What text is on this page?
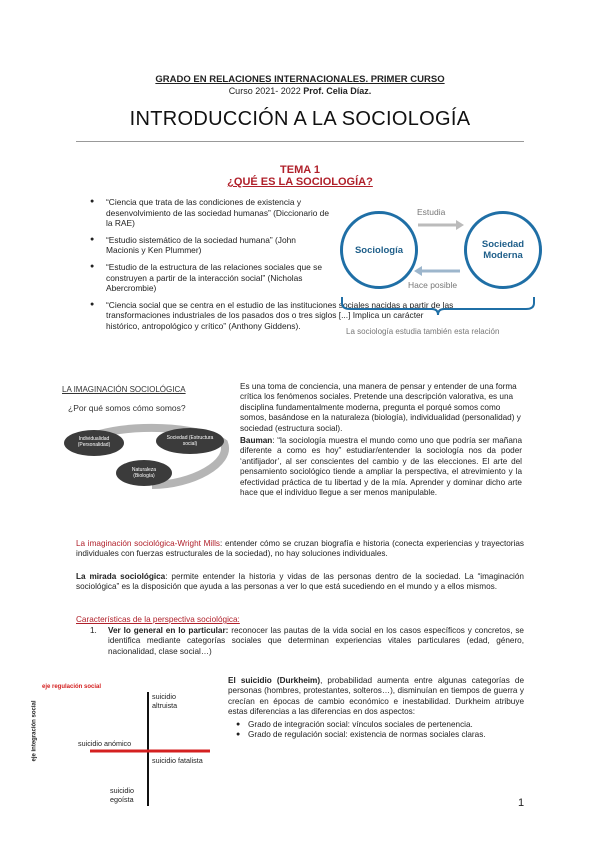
GRADO EN RELACIONES INTERNACIONALES. PRIMER CURSO
Curso 2021- 2022 Prof. Celia Díaz.
INTRODUCCIÓN A LA SOCIOLOGÍA
TEMA 1
¿QUÉ ES LA SOCIOLOGÍA?
● “Ciencia que trata de las condiciones de existencia y desenvolvimiento de las sociedad humanas” (Diccionario de la RAE)
● “Estudio sistemático de la sociedad humana” (John Macionis y Ken Plummer)
● “Estudio de la estructura de las relaciones sociales que se construyen a partir de la interacción social” (Nicholas Abercrombie)
● “Ciencia social que se centra en el estudio de las instituciones sociales nacidas a partir de las transformaciones industriales de los pasados dos o tres siglos [...] Implica un carácter histórico, antropológico y crítico” (Anthony Giddens).
Sociología	Sociedad Moderna
Estudia
Hace posible
La sociología estudia también esta relación
LA IMAGINACIÓN SOCIOLÓGICA
¿Por qué somos cómo somos?
Individualidad (Personalidad)
Sociedad (Estructura social)
Naturaleza (Biología)
Es una toma de conciencia, una manera de pensar y entender de una forma crítica los fenómenos sociales. Pretende una descripción valorativa, es una disciplina fundamentalmente moderna, pregunta el porqué somos como somos, basándose en la naturaleza (biología), individualidad (personalidad) y sociedad (estructura social).
Bauman: “la sociología muestra el mundo como uno que podría ser mañana diferente a como es hoy” estudiar/entender la sociología nos da poder ‘antifijador’, al ser conscientes del cambio y de las elecciones. El arte del pensamiento sociológico tiende a ampliar la perspectiva, el atrevimiento y la efectividad práctica de tu libertad y de la mía. Aprender y dominar dicho arte hace que el individuo llegue a ser menos manipulable.
La imaginación sociológica-Wright Mills: entender cómo se cruzan biografía e historia (conecta experiencias y trayectorias individuales con fuerzas estructurales de la sociedad), no hay soluciones individuales.
La mirada sociológica: permite entender la historia y vidas de las personas dentro de la sociedad. La “imaginación sociológica” es la disposición que ayuda a las personas a ver lo que está sucediendo en el mundo y a ellos mismos.
Características de la perspectiva sociológica:
1. Ver lo general en lo particular: reconocer las pautas de la vida social en los casos específicos y concretos, se identifica mediante categorías sociales que determinan experiencias vitales particulares (edad, género, nacionalidad, clase social…)
eje regulación social
eje integración social
suicidio
altruista
suicidio anómico
suicidio fatalista
suicidio
egoísta
El suicidio (Durkheim), probabilidad aumenta entre algunas categorías de personas (hombres, protestantes, solteros…), disminuían en tiempos de guerra y crecían en épocas de cambio económico e inestabilidad. Durkheim atribuye estas diferencias a las diferencias en dos aspectos:
● Grado de integración social: vínculos sociales de pertenencia.
● Grado de regulación social: existencia de normas sociales claras.
1
